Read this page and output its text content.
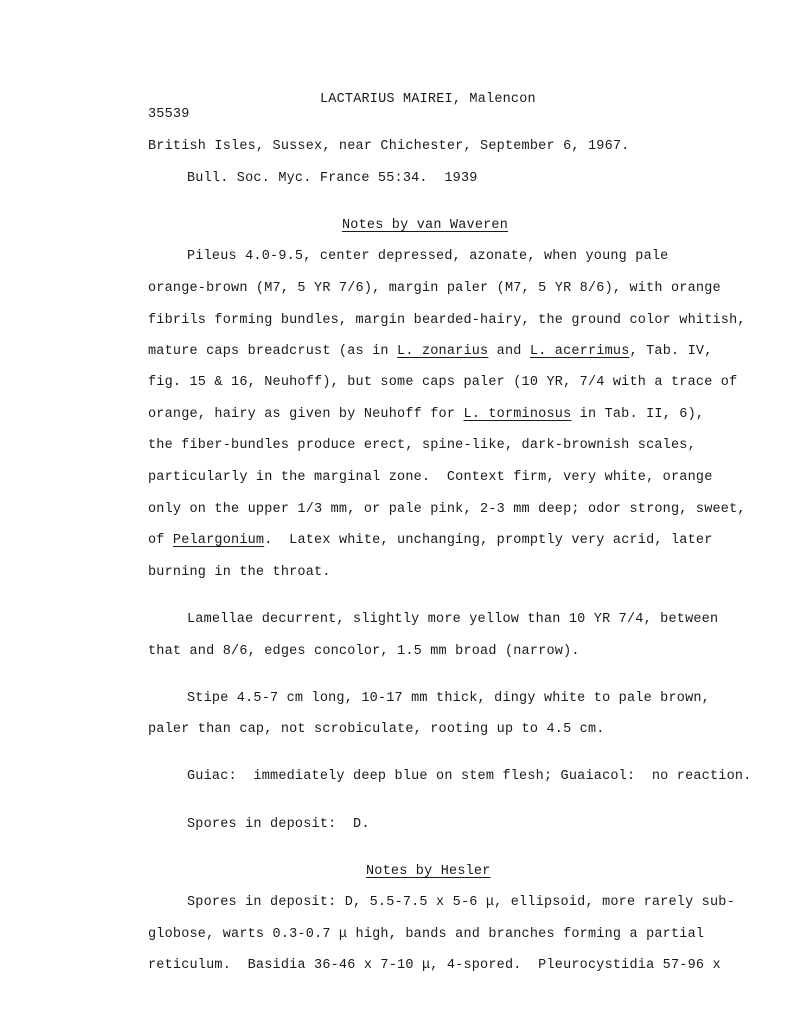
LACTARIUS MAIREI, Malencon
35539
British Isles, Sussex, near Chichester, September 6, 1967.
Bull. Soc. Myc. France 55:34.  1939
Notes by van Waveren
Pileus 4.0-9.5, center depressed, azonate, when young pale
orange-brown (M7, 5 YR 7/6), margin paler (M7, 5 YR 8/6), with orange
fibrils forming bundles, margin bearded-hairy, the ground color whitish,
mature caps breadcrust (as in L. zonarius and L. acerrimus, Tab. IV,
fig. 15 & 16, Neuhoff), but some caps paler (10 YR, 7/4 with a trace of
orange, hairy as given by Neuhoff for L. torminosus in Tab. II, 6),
the fiber-bundles produce erect, spine-like, dark-brownish scales,
particularly in the marginal zone.  Context firm, very white, orange
only on the upper 1/3 mm, or pale pink, 2-3 mm deep; odor strong, sweet,
of Pelargonium.  Latex white, unchanging, promptly very acrid, later
burning in the throat.
Lamellae decurrent, slightly more yellow than 10 YR 7/4, between
that and 8/6, edges concolor, 1.5 mm broad (narrow).
Stipe 4.5-7 cm long, 10-17 mm thick, dingy white to pale brown,
paler than cap, not scrobiculate, rooting up to 4.5 cm.
Guiac:  immediately deep blue on stem flesh; Guaiacol:  no reaction.
Spores in deposit:  D.
Notes by Hesler
Spores in deposit: D, 5.5-7.5 x 5-6 μ, ellipsoid, more rarely sub-
globose, warts 0.3-0.7 μ high, bands and branches forming a partial
reticulum.  Basidia 36-46 x 7-10 μ, 4-spored.  Pleurocystidia 57-96 x
